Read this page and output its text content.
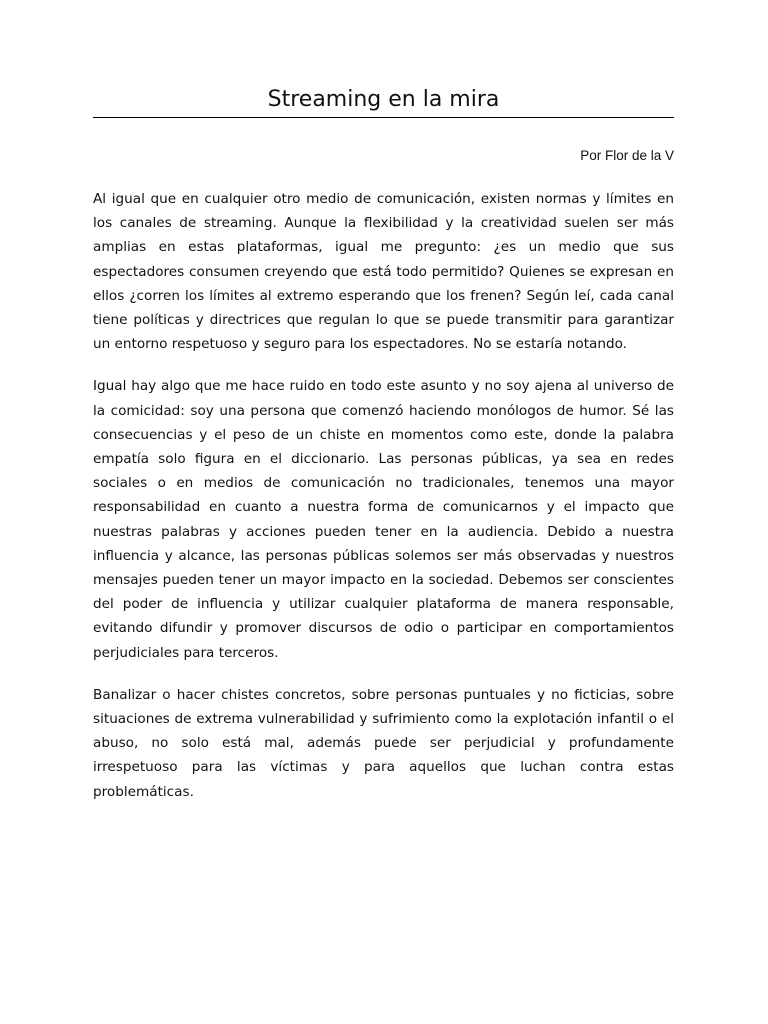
Streaming en la mira

Por Flor de la V

Al igual que en cualquier otro medio de comunicación, existen normas y límites en los canales de streaming. Aunque la flexibilidad y la creatividad suelen ser más amplias en estas plataformas, igual me pregunto: ¿es un medio que sus espectadores consumen creyendo que está todo permitido? Quienes se expresan en ellos ¿corren los límites al extremo esperando que los frenen? Según leí, cada canal tiene políticas y directrices que regulan lo que se puede transmitir para garantizar un entorno respetuoso y seguro para los espectadores. No se estaría notando.

Igual hay algo que me hace ruido en todo este asunto y no soy ajena al universo de la comicidad: soy una persona que comenzó haciendo monólogos de humor. Sé las consecuencias y el peso de un chiste en momentos como este, donde la palabra empatía solo figura en el diccionario. Las personas públicas, ya sea en redes sociales o en medios de comunicación no tradicionales, tenemos una mayor responsabilidad en cuanto a nuestra forma de comunicarnos y el impacto que nuestras palabras y acciones pueden tener en la audiencia. Debido a nuestra influencia y alcance, las personas públicas solemos ser más observadas y nuestros mensajes pueden tener un mayor impacto en la sociedad. Debemos ser conscientes del poder de influencia y utilizar cualquier plataforma de manera responsable, evitando difundir y promover discursos de odio o participar en comportamientos perjudiciales para terceros.

Banalizar o hacer chistes concretos, sobre personas puntuales y no ficticias, sobre situaciones de extrema vulnerabilidad y sufrimiento como la explotación infantil o el abuso, no solo está mal, además puede ser perjudicial y profundamente irrespetuoso para las víctimas y para aquellos que luchan contra estas problemáticas.
